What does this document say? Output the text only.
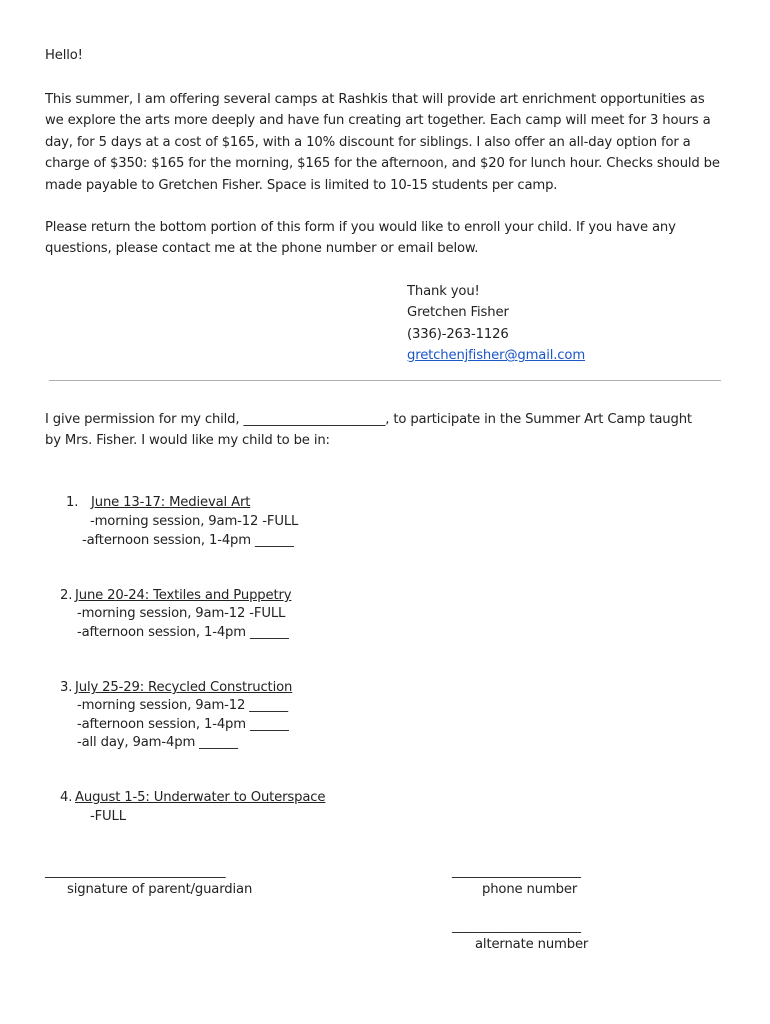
Hello!

This summer, I am offering several camps at Rashkis that will provide art enrichment opportunities as

we explore the arts more deeply and have fun creating art together. Each camp will meet for 3 hours a

day, for 5 days at a cost of $165, with a 10% discount for siblings. I also offer an all-day option for a

charge of $350: $165 for the morning, $165 for the afternoon, and $20 for lunch hour. Checks should be

made payable to Gretchen Fisher. Space is limited to 10-15 students per camp.

Please return the bottom portion of this form if you would like to enroll your child. If you have any

questions, please contact me at the phone number or email below.

Thank you!
Gretchen Fisher
(336)-263-1126
gretchenjfisher@gmail.com

I give permission for my child, ______________________, to participate in the Summer Art Camp taught

by Mrs. Fisher. I would like my child to be in:

1. June 13-17: Medieval Art
-morning session, 9am-12 -FULL
-afternoon session, 1-4pm ______
2. June 20-24: Textiles and Puppetry
-morning session, 9am-12 -FULL
-afternoon session, 1-4pm ______
3. July 25-29: Recycled Construction
-morning session, 9am-12 ______
-afternoon session, 1-4pm ______
-all day, 9am-4pm ______
4. August 1-5: Underwater to Outerspace
-FULL
____________________________
signature of parent/guardian
____________________
phone number
____________________
alternate number
